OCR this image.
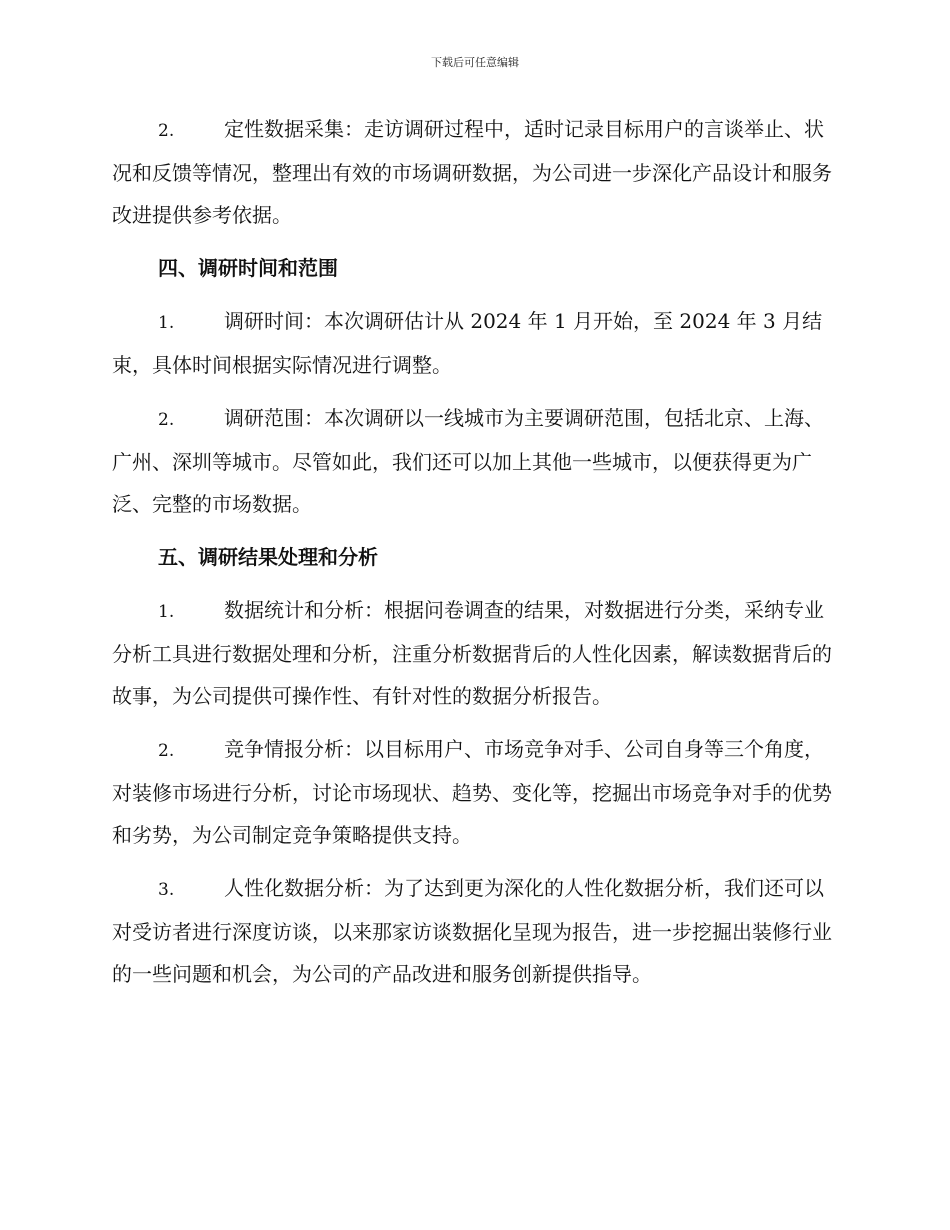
下载后可任意编辑

2. 定性数据采集：走访调研过程中，适时记录目标用户的言谈举止、状况和反馈等情况，整理出有效的市场调研数据，为公司进一步深化产品设计和服务改进提供参考依据。

四、调研时间和范围

1. 调研时间：本次调研估计从 2024 年 1 月开始，至 2024 年 3 月结束，具体时间根据实际情况进行调整。

2. 调研范围：本次调研以一线城市为主要调研范围，包括北京、上海、广州、深圳等城市。尽管如此，我们还可以加上其他一些城市，以便获得更为广泛、完整的市场数据。

五、调研结果处理和分析

1. 数据统计和分析：根据问卷调查的结果，对数据进行分类，采纳专业分析工具进行数据处理和分析，注重分析数据背后的人性化因素，解读数据背后的故事，为公司提供可操作性、有针对性的数据分析报告。

2. 竞争情报分析：以目标用户、市场竞争对手、公司自身等三个角度，对装修市场进行分析，讨论市场现状、趋势、变化等，挖掘出市场竞争对手的优势和劣势，为公司制定竞争策略提供支持。

3. 人性化数据分析：为了达到更为深化的人性化数据分析，我们还可以对受访者进行深度访谈，以来那家访谈数据化呈现为报告，进一步挖掘出装修行业的一些问题和机会，为公司的产品改进和服务创新提供指导。
